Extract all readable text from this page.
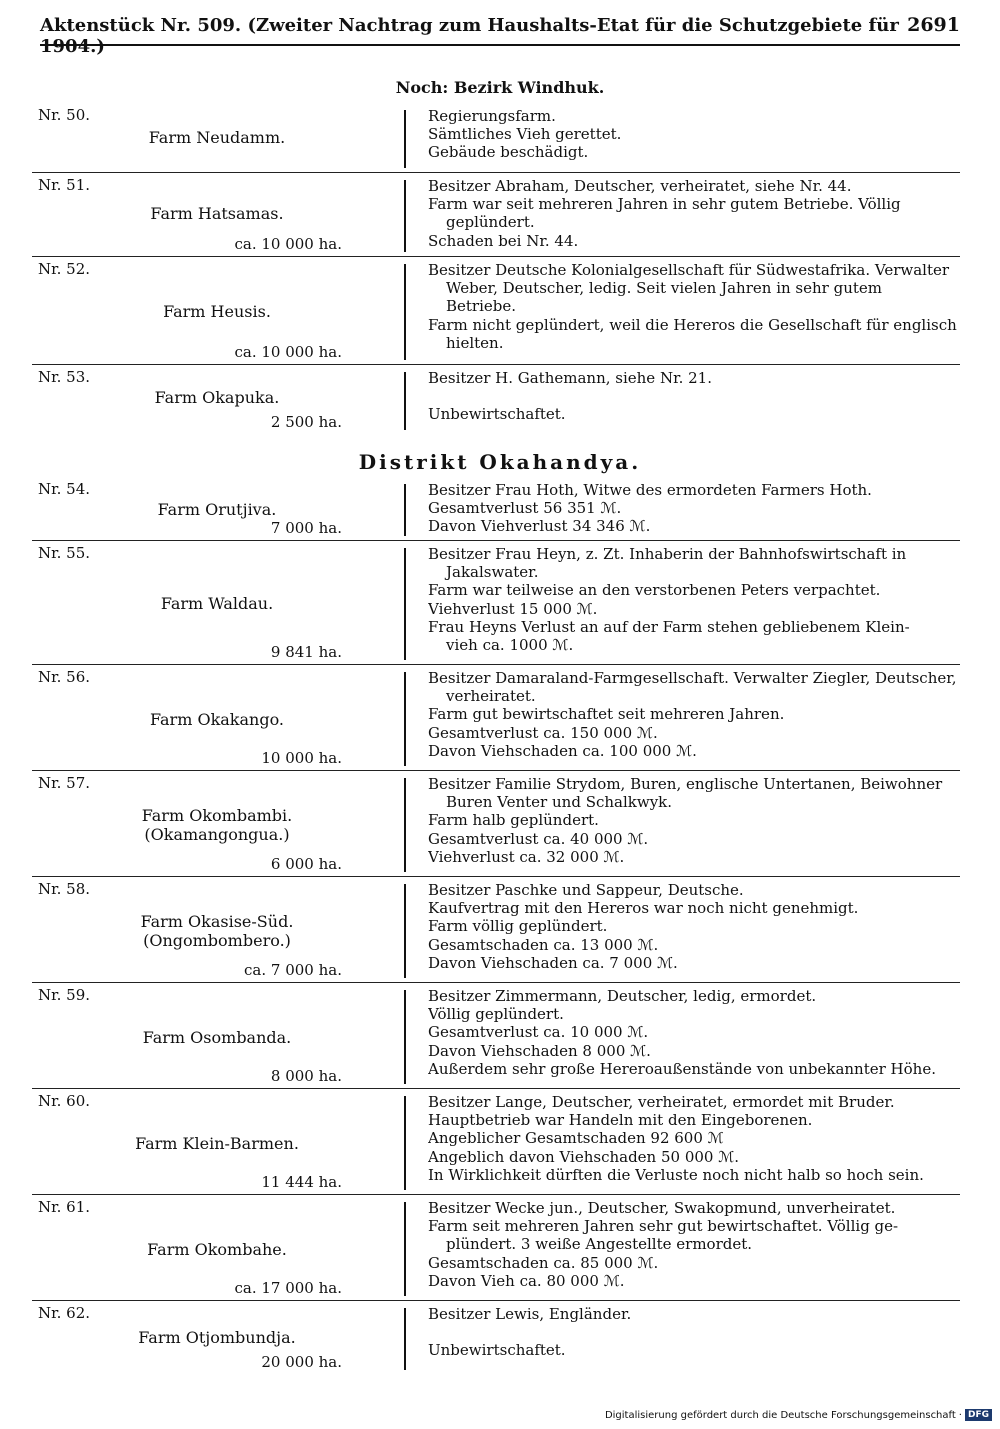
Aktenstück Nr. 509. (Zweiter Nachtrag zum Haushalts-Etat für die Schutzgebiete für 1904.)
2691
Noch: Bezirk Windhuk.
Nr. 50.
Farm Neudamm.
Regierungsfarm.
Sämtliches Vieh gerettet.
Gebäude beschädigt.
Nr. 51.
Farm Hatsamas.
ca. 10 000 ha.
Besitzer Abraham, Deutscher, verheiratet, siehe Nr. 44.
Farm war seit mehreren Jahren in sehr gutem Betriebe. Völlig
geplündert.
Schaden bei Nr. 44.
Nr. 52.
Farm Heusis.
ca. 10 000 ha.
Besitzer Deutsche Kolonialgesellschaft für Südwestafrika. Verwalter
Weber, Deutscher, ledig. Seit vielen Jahren in sehr gutem
Betriebe.
Farm nicht geplündert, weil die Hereros die Gesellschaft für englisch
hielten.
Nr. 53.
Farm Okapuka.
2 500 ha.
Besitzer H. Gathemann, siehe Nr. 21.

Unbewirtschaftet.
Distrikt Okahandya.
Nr. 54.
Farm Orutjiva.
7 000 ha.
Besitzer Frau Hoth, Witwe des ermordeten Farmers Hoth.
Gesamtverlust 56 351 ℳ.
Davon Viehverlust 34 346 ℳ.
Nr. 55.
Farm Waldau.
9 841 ha.
Besitzer Frau Heyn, z. Zt. Inhaberin der Bahnhofswirtschaft in
Jakalswater.
Farm war teilweise an den verstorbenen Peters verpachtet.
Viehverlust 15 000 ℳ.
Frau Heyns Verlust an auf der Farm stehen gebliebenem Klein-
vieh ca. 1000 ℳ.
Nr. 56.
Farm Okakango.
10 000 ha.
Besitzer Damaraland-Farmgesellschaft. Verwalter Ziegler, Deutscher,
verheiratet.
Farm gut bewirtschaftet seit mehreren Jahren.
Gesamtverlust ca. 150 000 ℳ.
Davon Viehschaden ca. 100 000 ℳ.
Nr. 57.
Farm Okombambi.
(Okamangongua.)
6 000 ha.
Besitzer Familie Strydom, Buren, englische Untertanen, Beiwohner
Buren Venter und Schalkwyk.
Farm halb geplündert.
Gesamtverlust ca. 40 000 ℳ.
Viehverlust ca. 32 000 ℳ.
Nr. 58.
Farm Okasise-Süd.
(Ongombombero.)
ca. 7 000 ha.
Besitzer Paschke und Sappeur, Deutsche.
Kaufvertrag mit den Hereros war noch nicht genehmigt.
Farm völlig geplündert.
Gesamtschaden ca. 13 000 ℳ.
Davon Viehschaden ca. 7 000 ℳ.
Nr. 59.
Farm Osombanda.
8 000 ha.
Besitzer Zimmermann, Deutscher, ledig, ermordet.
Völlig geplündert.
Gesamtverlust ca. 10 000 ℳ.
Davon Viehschaden 8 000 ℳ.
Außerdem sehr große Hereroaußenstände von unbekannter Höhe.
Nr. 60.
Farm Klein-Barmen.
11 444 ha.
Besitzer Lange, Deutscher, verheiratet, ermordet mit Bruder.
Hauptbetrieb war Handeln mit den Eingeborenen.
Angeblicher Gesamtschaden 92 600 ℳ
Angeblich davon Viehschaden 50 000 ℳ.
In Wirklichkeit dürften die Verluste noch nicht halb so hoch sein.
Nr. 61.
Farm Okombahe.
ca. 17 000 ha.
Besitzer Wecke jun., Deutscher, Swakopmund, unverheiratet.
Farm seit mehreren Jahren sehr gut bewirtschaftet. Völlig ge-
plündert. 3 weiße Angestellte ermordet.
Gesamtschaden ca. 85 000 ℳ.
Davon Vieh ca. 80 000 ℳ.
Nr. 62.
Farm Otjombundja.
20 000 ha.
Besitzer Lewis, Engländer.

Unbewirtschaftet.
Digitalisierung gefördert durch die Deutsche Forschungsgemeinschaft · DFG
